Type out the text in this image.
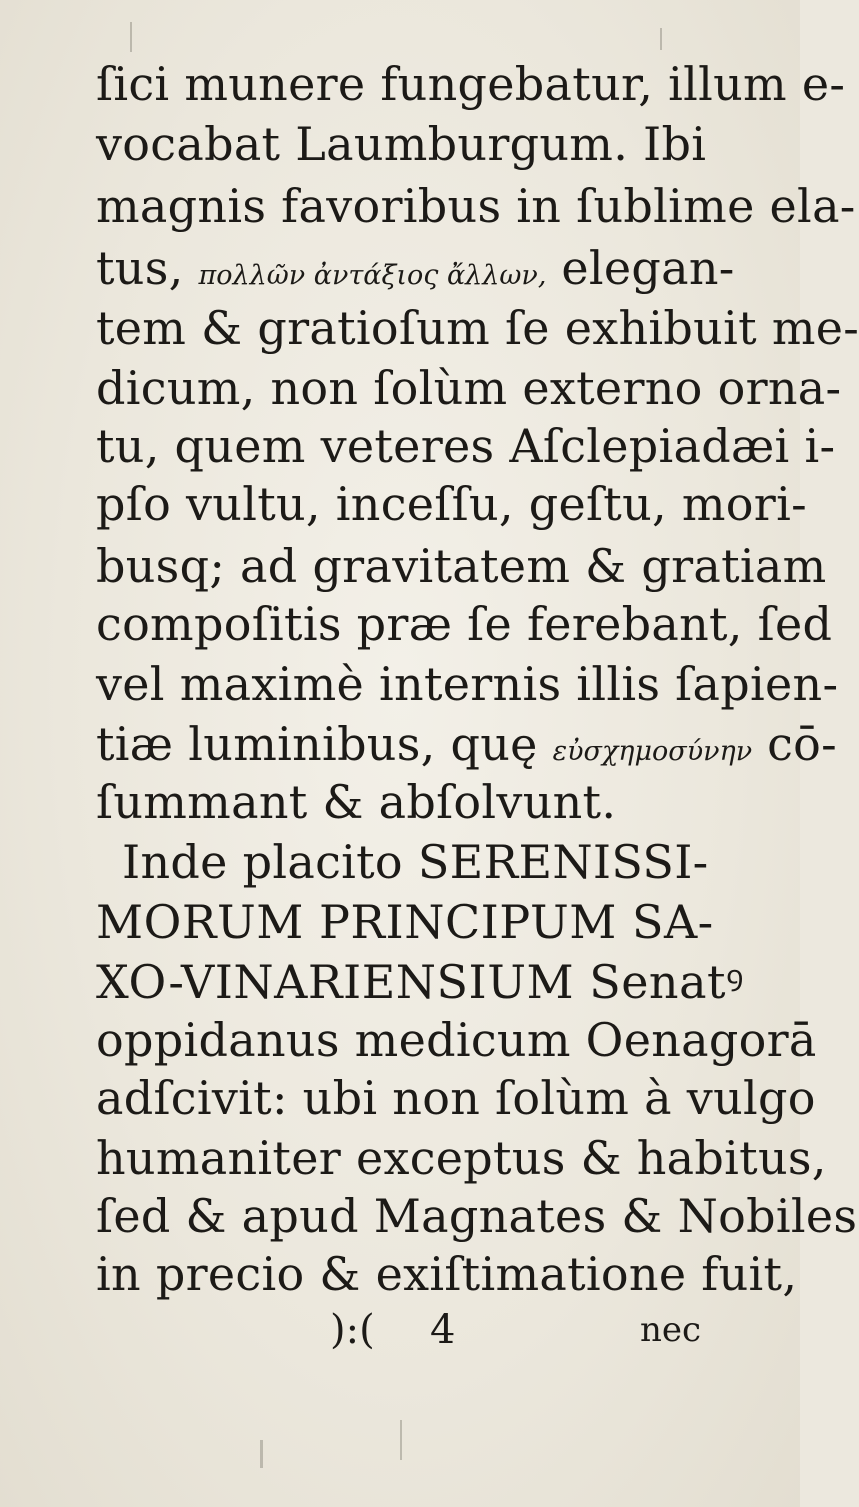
ſici munere fungebatur, illum e-
vocabat Laumburgum. Ibi
magnis favoribus in ſublime ela-
tus, πολλῶν ἀντάξιος ἄλλων, elegan-
tem & gratioſum ſe exhibuit me-
dicum, non ſolùm externo orna-
tu, quem veteres Aſclepiadæi i-
pſo vultu, inceſſu, geſtu, mori-
busq; ad gravitatem & gratiam
compoſitis præ ſe ferebant, ſed
vel maximè internis illis ſapien-
tiæ luminibus, quę εὐσχημοσύνην cō-
ſummant & abſolvunt.
Inde placito SERENISSI-
MORUM PRINCIPUM SA-
XO-VINARIENSIUM Senatꝰ
oppidanus medicum Oenagorā
adſcivit: ubi non ſolùm à vulgo
humaniter exceptus & habitus,
ſed & apud Magnates & Nobiles
in precio & exiſtimatione fuit,
):( 4	nec
